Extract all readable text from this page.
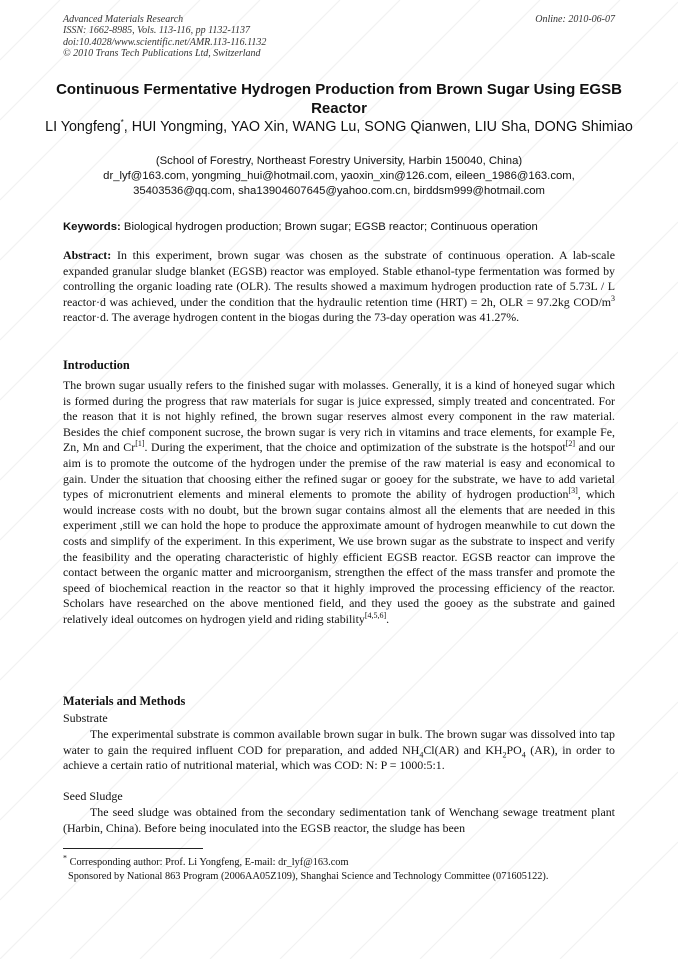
Advanced Materials Research
ISSN: 1662-8985, Vols. 113-116, pp 1132-1137
doi:10.4028/www.scientific.net/AMR.113-116.1132
© 2010 Trans Tech Publications Ltd, Switzerland
Online: 2010-06-07
Continuous Fermentative Hydrogen Production from Brown Sugar Using EGSB Reactor
LI Yongfeng*, HUI Yongming, YAO Xin, WANG Lu, SONG Qianwen, LIU Sha, DONG Shimiao
(School of Forestry, Northeast Forestry University, Harbin 150040, China)
dr_lyf@163.com, yongming_hui@hotmail.com, yaoxin_xin@126.com, eileen_1986@163.com,
35403536@qq.com, sha13904607645@yahoo.com.cn, birddsm999@hotmail.com
Keywords: Biological hydrogen production; Brown sugar; EGSB reactor; Continuous operation
Abstract: In this experiment, brown sugar was chosen as the substrate of continuous operation. A lab-scale expanded granular sludge blanket (EGSB) reactor was employed. Stable ethanol-type fermentation was formed by controlling the organic loading rate (OLR). The results showed a maximum hydrogen production rate of 5.73L / L reactor·d was achieved, under the condition that the hydraulic retention time (HRT) = 2h, OLR = 97.2kg COD/$m^3$ reactor·d. The average hydrogen content in the biogas during the 73-day operation was 41.27%.
Introduction
The brown sugar usually refers to the finished sugar with molasses. Generally, it is a kind of honeyed sugar which is formed during the progress that raw materials for sugar is juice expressed, simply treated and concentrated. For the reason that it is not highly refined, the brown sugar reserves almost every component in the raw material. Besides the chief component sucrose, the brown sugar is very rich in vitamins and trace elements, for example Fe, Zn, Mn and Cr[1]. During the experiment, that the choice and optimization of the substrate is the hotspot[2] and our aim is to promote the outcome of the hydrogen under the premise of the raw material is easy and economical to gain. Under the situation that choosing either the refined sugar or gooey for the substrate, we have to add varietal types of micronutrient elements and mineral elements to promote the ability of hydrogen production[3], which would increase costs with no doubt, but the brown sugar contains almost all the elements that are needed in this experiment ,still we can hold the hope to produce the approximate amount of hydrogen meanwhile to cut down the costs and simplify of the experiment. In this experiment, We use brown sugar as the substrate to inspect and verify the feasibility and the operating characteristic of highly efficient EGSB reactor. EGSB reactor can improve the contact between the organic matter and microorganism, strengthen the effect of the mass transfer and promote the speed of biochemical reaction in the reactor so that it highly improved the processing efficiency of the reactor. Scholars have researched on the above mentioned field, and they used the gooey as the substrate and gained relatively ideal outcomes on hydrogen yield and riding stability[4,5,6].
Materials and Methods
Substrate
The experimental substrate is common available brown sugar in bulk. The brown sugar was dissolved into tap water to gain the required influent COD for preparation, and added $NH_4Cl(AR)$ and $KH_2PO_4$ (AR), in order to achieve a certain ratio of nutritional material, which was COD: N: P = 1000:5:1.
Seed Sludge
The seed sludge was obtained from the secondary sedimentation tank of Wenchang sewage treatment plant (Harbin, China). Before being inoculated into the EGSB reactor, the sludge has been
* Corresponding author: Prof. Li Yongfeng, E-mail: dr_lyf@163.com
Sponsored by National 863 Program (2006AA05Z109), Shanghai Science and Technology Committee (071605122).
